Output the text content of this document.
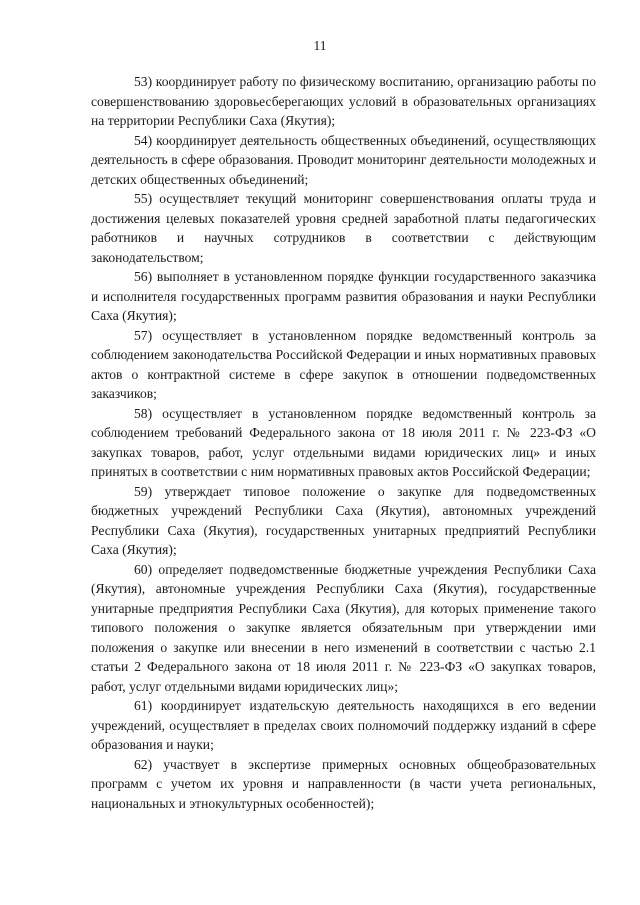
11

53) координирует работу по физическому воспитанию, организацию работы по совершенствованию здоровьесберегающих условий в образовательных организациях на территории Республики Саха (Якутия);

54) координирует деятельность общественных объединений, осуществляющих деятельность в сфере образования. Проводит мониторинг деятельности молодежных и детских общественных объединений;

55) осуществляет текущий мониторинг совершенствования оплаты труда и достижения целевых показателей уровня средней заработной платы педагогических работников и научных сотрудников в соответствии с действующим законодательством;

56) выполняет в установленном порядке функции государственного заказчика и исполнителя государственных программ развития образования и науки Республики Саха (Якутия);

57) осуществляет в установленном порядке ведомственный контроль за соблюдением законодательства Российской Федерации и иных нормативных правовых актов о контрактной системе в сфере закупок в отношении подведомственных заказчиков;

58) осуществляет в установленном порядке ведомственный контроль за соблюдением требований Федерального закона от 18 июля 2011 г. № 223-ФЗ «О закупках товаров, работ, услуг отдельными видами юридических лиц» и иных принятых в соответствии с ним нормативных правовых актов Российской Федерации;

59) утверждает типовое положение о закупке для подведомственных бюджетных учреждений Республики Саха (Якутия), автономных учреждений Республики Саха (Якутия), государственных унитарных предприятий Республики Саха (Якутия);

60) определяет подведомственные бюджетные учреждения Республики Саха (Якутия), автономные учреждения Республики Саха (Якутия), государственные унитарные предприятия Республики Саха (Якутия), для которых применение такого типового положения о закупке является обязательным при утверждении ими положения о закупке или внесении в него изменений в соответствии с частью 2.1 статьи 2 Федерального закона от 18 июля 2011 г. № 223-ФЗ «О закупках товаров, работ, услуг отдельными видами юридических лиц»;

61) координирует издательскую деятельность находящихся в его ведении учреждений, осуществляет в пределах своих полномочий поддержку изданий в сфере образования и науки;

62) участвует в экспертизе примерных основных общеобразовательных программ с учетом их уровня и направленности (в части учета региональных, национальных и этнокультурных особенностей);
